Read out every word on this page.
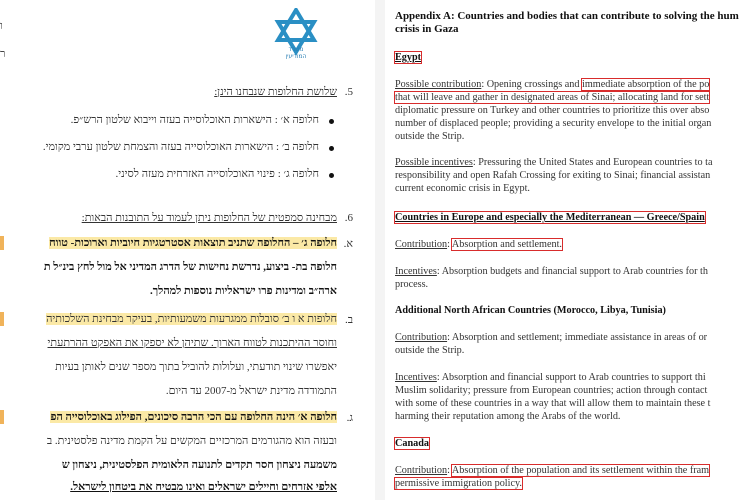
משרד
המודיעין
5.
שלושת החלופות שנבחנו הינן:
חלופה א׳ : הישארות האוכלוסייה בעזה וייבוא שלטון הרש״פ.
חלופה ב׳ : הישארות האוכלוסייה בעזה והצמחת שלטון ערבי מקומי.
חלופה ג׳ : פינוי האוכלוסייה האזרחית מעזה לסיני.
6.
מבחינה סמפטית של החלופות ניתן לעמוד על התובנות הבאות:
א.
חלופה ג׳ – החלופה שתניב תוצאות אסטרטגיות חיוביות וארוכות- טווח
חלופה בת- ביצוע, נדרשת נחישות של הדרג המדיני אל מול לחץ בינ״ל ת
ארה״ב ומדינות פרו ישראליות נוספות למהלך.
ב.
חלופות א ו ב׳ סובלות ממגרעות משמעותיות, בעיקר מבחינת השלכותיה
וחוסר ההיתכנות לטווח הארוך. שתיהן לא יספקו את האפקט ההרתעתי
יאפשרו שינוי תודעתי, ועלולות להוביל בתוך מספר שנים לאותן בעיות
התמודדה מדינת ישראל מ-2007 עד היום.
ג.
חלופה א׳ הינה החלופה עם הכי הרבה סיכונים, הפילוג באוכלוסייה הפ
ובעזה הוא מהגורמים המרכזיים המקשים על הקמת מדינה פלסטינית. ב
משמעה ניצחון חסר תקדים לתנועה הלאומית הפלסטינית, ניצחון ש
אלפי אזרחים וחיילים ישראלים ואינו מבטיח את ביטחון לישראל.
ו
ר
Appendix A: Countries and bodies that can contribute to solving the hum
crisis in Gaza
Egypt
Possible contribution: Opening crossings and immediate absorption of the po
that will leave and gather in designated areas of Sinai; allocating land for sett
diplomatic pressure on Turkey and other countries to prioritize this over abso
number of displaced people; providing a security envelope to the initial organ
outside the Strip.
Possible incentives: Pressuring the United States and European countries to ta
responsibility and open Rafah Crossing for exiting to Sinai; financial assistan
current economic crisis in Egypt.
Countries in Europe and especially the Mediterranean — Greece/Spain
Contribution: Absorption and settlement.
Incentives: Absorption budgets and financial support to Arab countries for th
process.
Additional North African Countries (Morocco, Libya, Tunisia)
Contribution: Absorption and settlement; immediate assistance in areas of or
outside the Strip.
Incentives: Absorption and financial support to Arab countries to support thi
Muslim solidarity; pressure from European countries; action through contact
with some of these countries in a way that will allow them to maintain these t
harming their reputation among the Arabs of the world.
Canada
Contribution: Absorption of the population and its settlement within the fram
permissive immigration policy.
